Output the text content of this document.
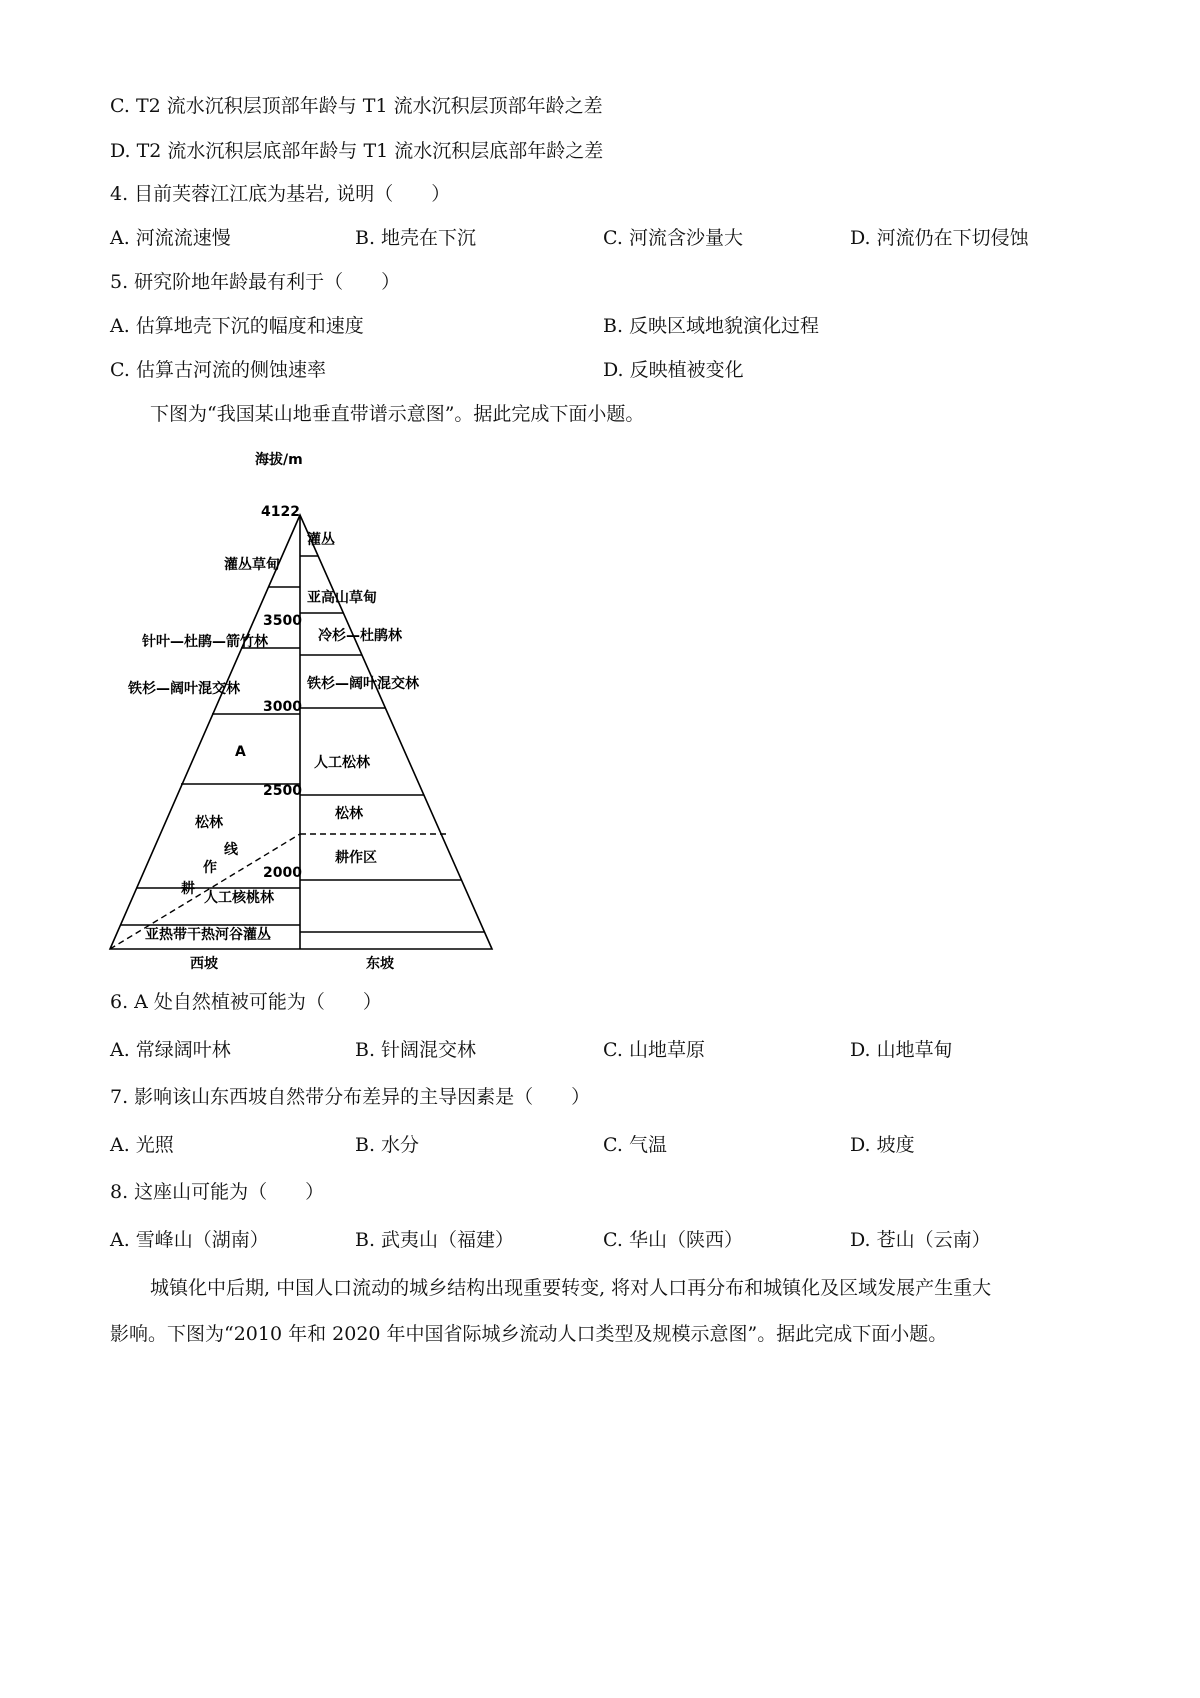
C. T2 流水沉积层顶部年龄与 T1 流水沉积层顶部年龄之差
D. T2 流水沉积层底部年龄与 T1 流水沉积层底部年龄之差
4. 目前芙蓉江江底为基岩, 说明（　　）
A. 河流流速慢	B. 地壳在下沉	C. 河流含沙量大	D. 河流仍在下切侵蚀
5. 研究阶地年龄最有利于（　　）
A. 估算地壳下沉的幅度和速度	B. 反映区域地貌演化过程
C. 估算古河流的侧蚀速率	D. 反映植被变化
下图为“我国某山地垂直带谱示意图”。据此完成下面小题。
海拔/m
4122
3500
3000
2500
2000
灌丛草甸
针叶—杜鹃—箭竹林
铁杉—阔叶混交林
A
松林
人工核桃林
亚热带干热河谷灌丛
耕
作
线
灌丛
亚高山草甸
冷杉—杜鹃林
铁杉—阔叶混交林
人工松林
松林
耕作区
西坡	东坡
6. A 处自然植被可能为（　　）
A. 常绿阔叶林	B. 针阔混交林	C. 山地草原	D. 山地草甸
7. 影响该山东西坡自然带分布差异的主导因素是（　　）
A. 光照	B. 水分	C. 气温	D. 坡度
8. 这座山可能为（　　）
A. 雪峰山（湖南）	B. 武夷山（福建）	C. 华山（陕西）	D. 苍山（云南）
城镇化中后期, 中国人口流动的城乡结构出现重要转变, 将对人口再分布和城镇化及区域发展产生重大
影响。下图为“2010 年和 2020 年中国省际城乡流动人口类型及规模示意图”。据此完成下面小题。
